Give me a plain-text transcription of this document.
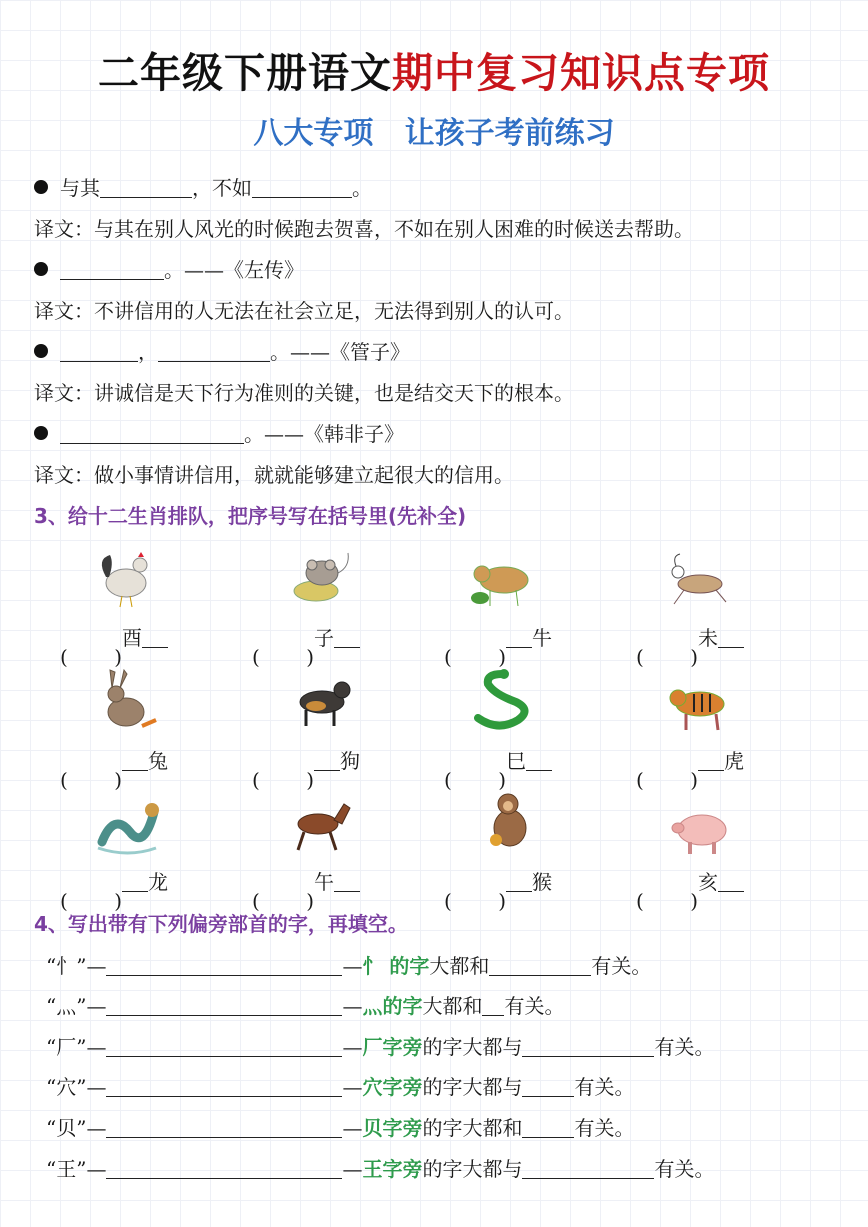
二年级下册语文期中复习知识点专项
八大专项   让孩子考前练习
与其	，不如	。
译文：与其在别人风光的时候跑去贺喜，不如在别人困难的时候送去帮助。
。——《左传》
译文：不讲信用的人无法在社会立足，无法得到别人的认可。
，	。——《管子》
译文：讲诚信是天下行为准则的关键，也是结交天下的根本。
。——《韩非子》
译文：做小事情讲信用，就就能够建立起很大的信用。
3、给十二生肖排队，把序号写在括号里(先补全)
( )
酉
( )
子
( )
牛
( )
未
( )
兔
( )
狗
( )
巳
( )
虎
( )
龙
( )
午
( )
猴
( )
亥
4、写出带有下列偏旁部首的字，再填空。
“忄”—	—忄 的字大都和	有关。
“灬”—	—灬的字大都和 有关。
“厂”—	—厂字旁的字大都与	有关。
“穴”—	—穴字旁的字大都与	有关。
“贝”—	—贝字旁的字大都和	有关。
“王”—	—王字旁的字大都与	有关。
